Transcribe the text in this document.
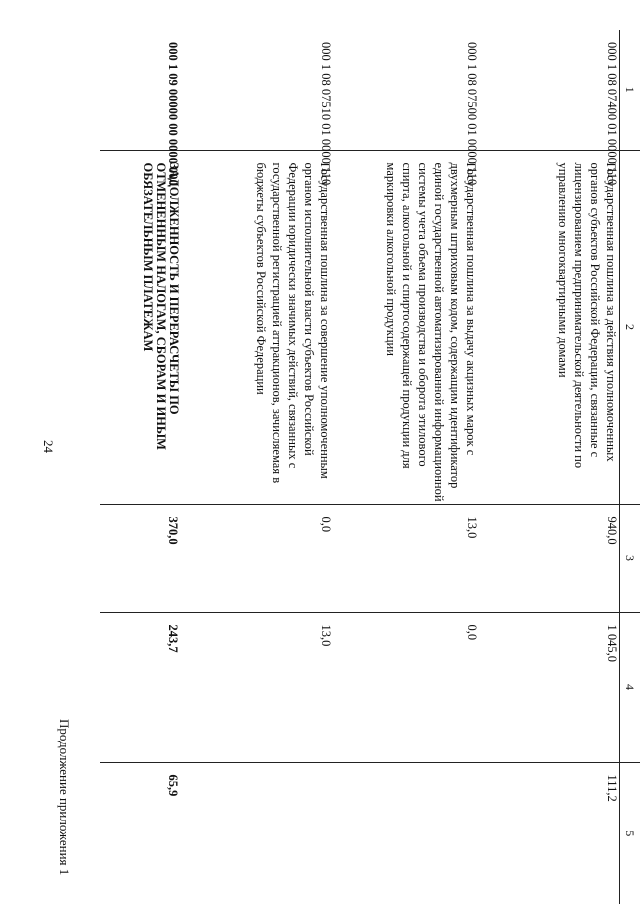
1	2	3	4	5
000 1 08 07400 01 0000 110	Государственная пошлина за действия уполномоченных органов субъектов Российской Федерации, связанные с лицензированием предпринимательской деятельности по управлению многоквартирными домами	940,0	1 045,0	111,2
000 1 08 07500 01 0000 110	Государственная пошлина за выдачу акцизных марок с двухмерным штриховым кодом, содержащим идентификатор единой государственной автоматизированной информационной системы учета объема производства и оборота этилового спирта, алкогольной и спиртосодержащей продукции для маркировки алкогольной продукции	13,0	0,0	
000 1 08 07510 01 0000 110	Государственная пошлина за совершение уполномоченным органом исполнительной власти субъектов Российской Федерации юридически значимых действий, связанных с государственной регистрацией аттракционов, зачисляемая в бюджеты субъектов Российской Федерации	0,0	13,0	
000 1 09 00000 00 0000 000	ЗАДОЛЖЕННОСТЬ И ПЕРЕРАСЧЕТЫ ПО ОТМЕНЕННЫМ НАЛОГАМ, СБОРАМ И ИНЫМ ОБЯЗАТЕЛЬНЫМ ПЛАТЕЖАМ	370,0	243,7	65,9
24
Продолжение приложения 1
